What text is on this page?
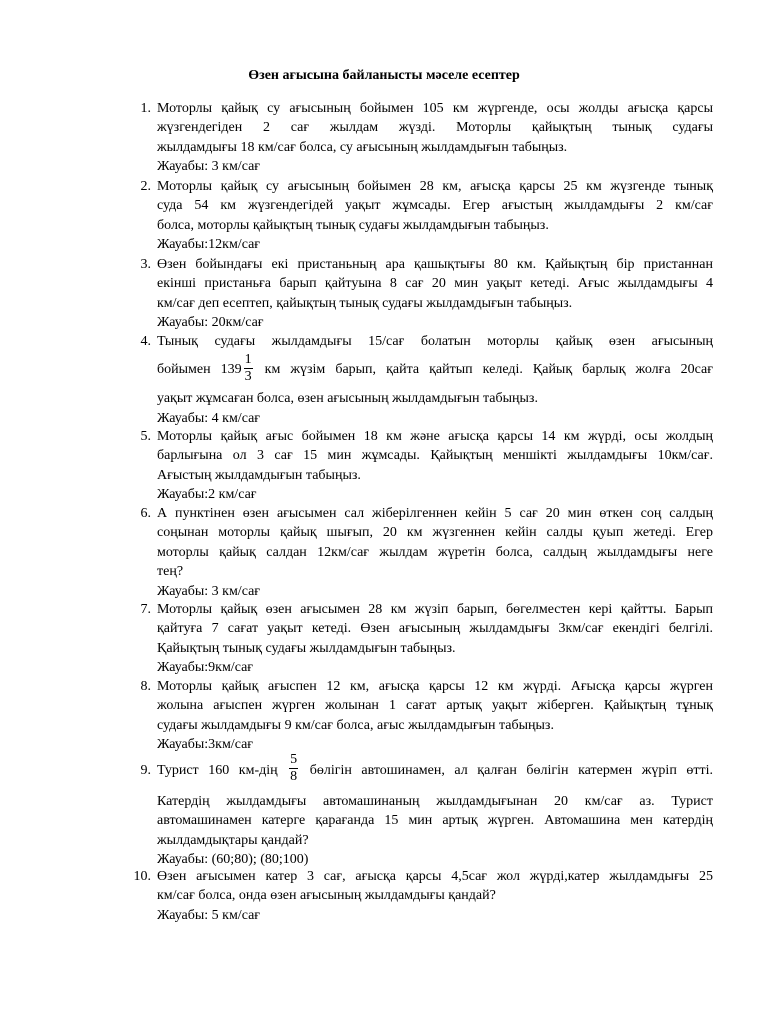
Өзен ағысына байланысты мәселе есептер
1. Моторлы қайық су ағысының бойымен 105 км жүргенде, осы жолды ағысқа қарсы
жүзгендегіден 2 сағ жылдам жүзді. Моторлы қайықтың тынық судағы
жылдамдығы 18 км/сағ болса, су ағысының жылдамдығын табыңыз.
Жауабы: 3 км/сағ
2. Моторлы қайық су ағысының бойымен 28 км, ағысқа қарсы 25 км жүзгенде тынық
суда 54 км жүзгендегідей уақыт жұмсады. Егер ағыстың жылдамдығы 2 км/сағ
болса, моторлы қайықтың тынық судағы жылдамдығын табыңыз.
Жауабы:12км/сағ
3. Өзен бойындағы екі пристаньның ара қашықтығы 80 км. Қайықтың бір пристаннан
екінші пристаньға барып қайтуына 8 сағ 20 мин уақыт кетеді. Ағыс жылдамдығы 4
км/сағ деп есептеп, қайықтың тынық судағы жылдамдығын табыңыз.
Жауабы: 20км/сағ
4. Тынық судағы жылдамдығы 15/сағ болатын моторлы қайық өзен ағысының
бойымен $139 \frac{1}{3}$ км жүзім барып, қайта қайтып келеді. Қайық барлық жолға 20сағ
уақыт жұмсаған болса, өзен ағысының жылдамдығын табыңыз.
Жауабы: 4 км/сағ
5. Моторлы қайық ағыс бойымен 18 км және ағысқа қарсы 14 км жүрді, осы жолдың
барлығына ол 3 сағ 15 мин жұмсады. Қайықтың меншікті жылдамдығы 10км/сағ.
Ағыстың жылдамдығын табыңыз.
Жауабы:2 км/сағ
6. А пунктінен өзен ағысымен сал жіберілгеннен кейін 5 сағ 20 мин өткен соң салдың
соңынан моторлы қайық шығып, 20 км жүзгеннен кейін салды қуып жетеді. Егер
моторлы қайық салдан 12км/сағ жылдам жүретін болса, салдың жылдамдығы неге
тең?
Жауабы: 3 км/сағ
7. Моторлы қайық өзен ағысымен 28 км жүзіп барып, бөгелместен кері қайтты. Барып
қайтуға 7 сағат уақыт кетеді. Өзен ағысының жылдамдығы 3км/сағ екендігі белгілі.
Қайықтың тынық судағы жылдамдығын табыңыз.
Жауабы:9км/сағ
8. Моторлы қайық ағыспен 12 км, ағысқа қарсы 12 км жүрді. Ағысқа қарсы жүрген
жолына ағыспен жүрген жолынан 1 сағат артық уақыт жіберген. Қайықтың тұнық
судағы жылдамдығы 9 км/сағ болса, ағыс жылдамдығын табыңыз.
Жауабы:3км/сағ
9. Турист 160 $км-дің \frac{5}{8}$ бөлігін автошинамен, ал қалған бөлігін катермен жүріп өтті.
Катердің жылдамдығы автомашинаның жылдамдығынан 20 км/сағ аз. Турист
автомашинамен катерге қарағанда 15 мин артық жүрген. Автомашина мен катердің
жылдамдықтары қандай?
Жауабы: (60;80); (80;100)
10. Өзен ағысымен катер 3 сағ, ағысқа қарсы 4,5сағ жол жүрді,катер жылдамдығы 25
км/сағ болса, онда өзен ағысының жылдамдығы қандай?
Жауабы: 5 км/сағ
